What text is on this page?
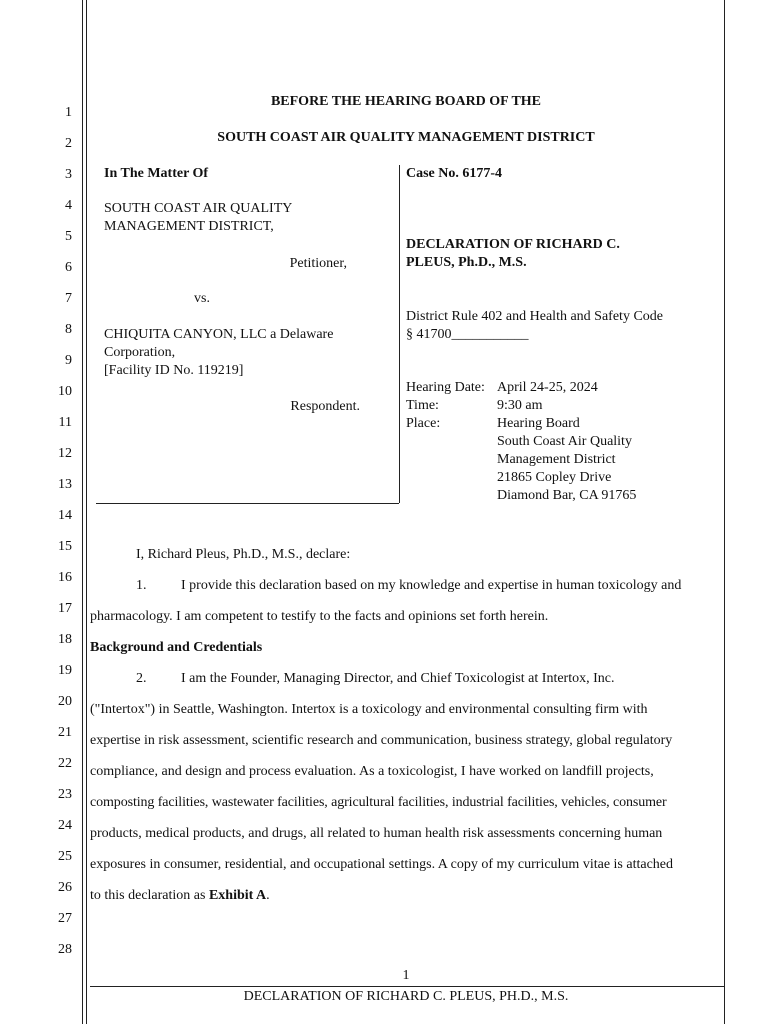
1
2
3
4
5
6
7
8
9
10
11
12
13
14
15
16
17
18
19
20
21
22
23
24
25
26
27
28
BEFORE THE HEARING BOARD OF THE
SOUTH COAST AIR QUALITY MANAGEMENT DISTRICT
In The Matter Of
SOUTH COAST AIR QUALITY
MANAGEMENT DISTRICT,
Petitioner,
vs.
CHIQUITA CANYON, LLC a Delaware
Corporation,
[Facility ID No. 119219]
Respondent.
Case No. 6177-4
DECLARATION OF RICHARD C.
PLEUS, Ph.D., M.S.
District Rule 402 and Health and Safety Code
§ 41700___________
Hearing Date: April 24-25, 2024
Time:	9:30 am
Place:	Hearing Board
South Coast Air Quality
Management District
21865 Copley Drive
Diamond Bar, CA 91765
I, Richard Pleus, Ph.D., M.S., declare:
1. I provide this declaration based on my knowledge and expertise in human toxicology and
pharmacology. I am competent to testify to the facts and opinions set forth herein.
Background and Credentials
2. I am the Founder, Managing Director, and Chief Toxicologist at Intertox, Inc.
("Intertox") in Seattle, Washington. Intertox is a toxicology and environmental consulting firm with
expertise in risk assessment, scientific research and communication, business strategy, global regulatory
compliance, and design and process evaluation. As a toxicologist, I have worked on landfill projects,
composting facilities, wastewater facilities, agricultural facilities, industrial facilities, vehicles, consumer
products, medical products, and drugs, all related to human health risk assessments concerning human
exposures in consumer, residential, and occupational settings. A copy of my curriculum vitae is attached
to this declaration as Exhibit A.
1
DECLARATION OF RICHARD C. PLEUS, PH.D., M.S.
